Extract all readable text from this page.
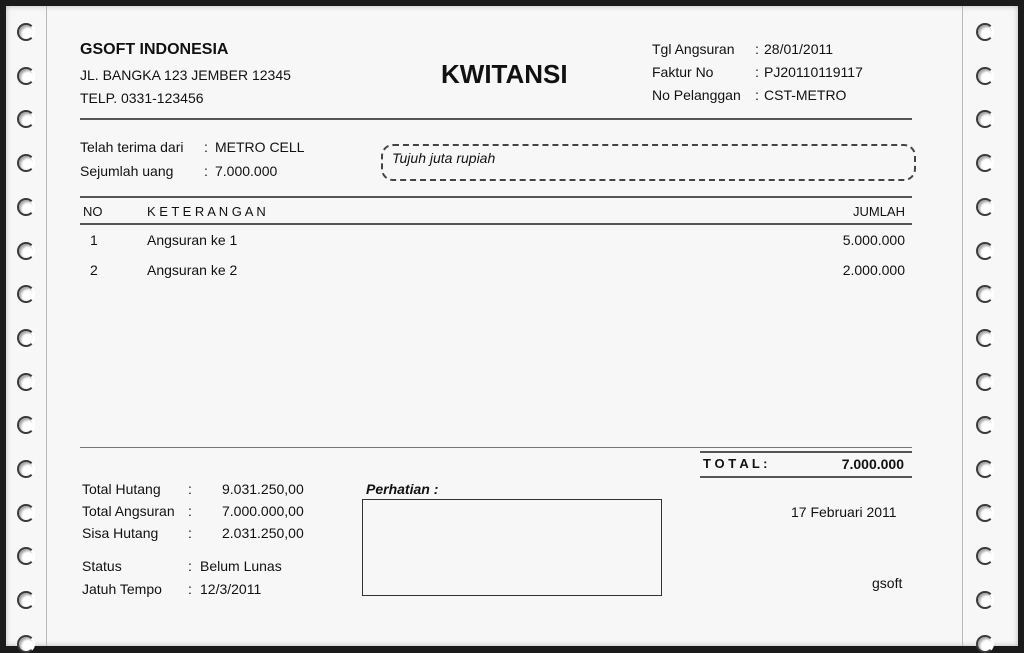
GSOFT INDONESIA
JL. BANGKA 123 JEMBER 12345
TELP. 0331-123456
KWITANSI
Tgl Angsuran : 28/01/2011
Faktur No	: PJ20110119117
No Pelanggan : CST-METRO
Telah terima dari : METRO CELL
Sejumlah uang : 7.000.000
Tujuh juta rupiah
NO	K E T E R A N G A N	JUMLAH
1	Angsuran ke 1	5.000.000
2	Angsuran ke 2	2.000.000
T O T A L :	7.000.000
Total Hutang : 9.031.250,00
Total Angsuran : 7.000.000,00
Sisa Hutang : 2.031.250,00
Status	: Belum Lunas
Jatuh Tempo : 12/3/2011
Perhatian :
17 Februari 2011
gsoft
